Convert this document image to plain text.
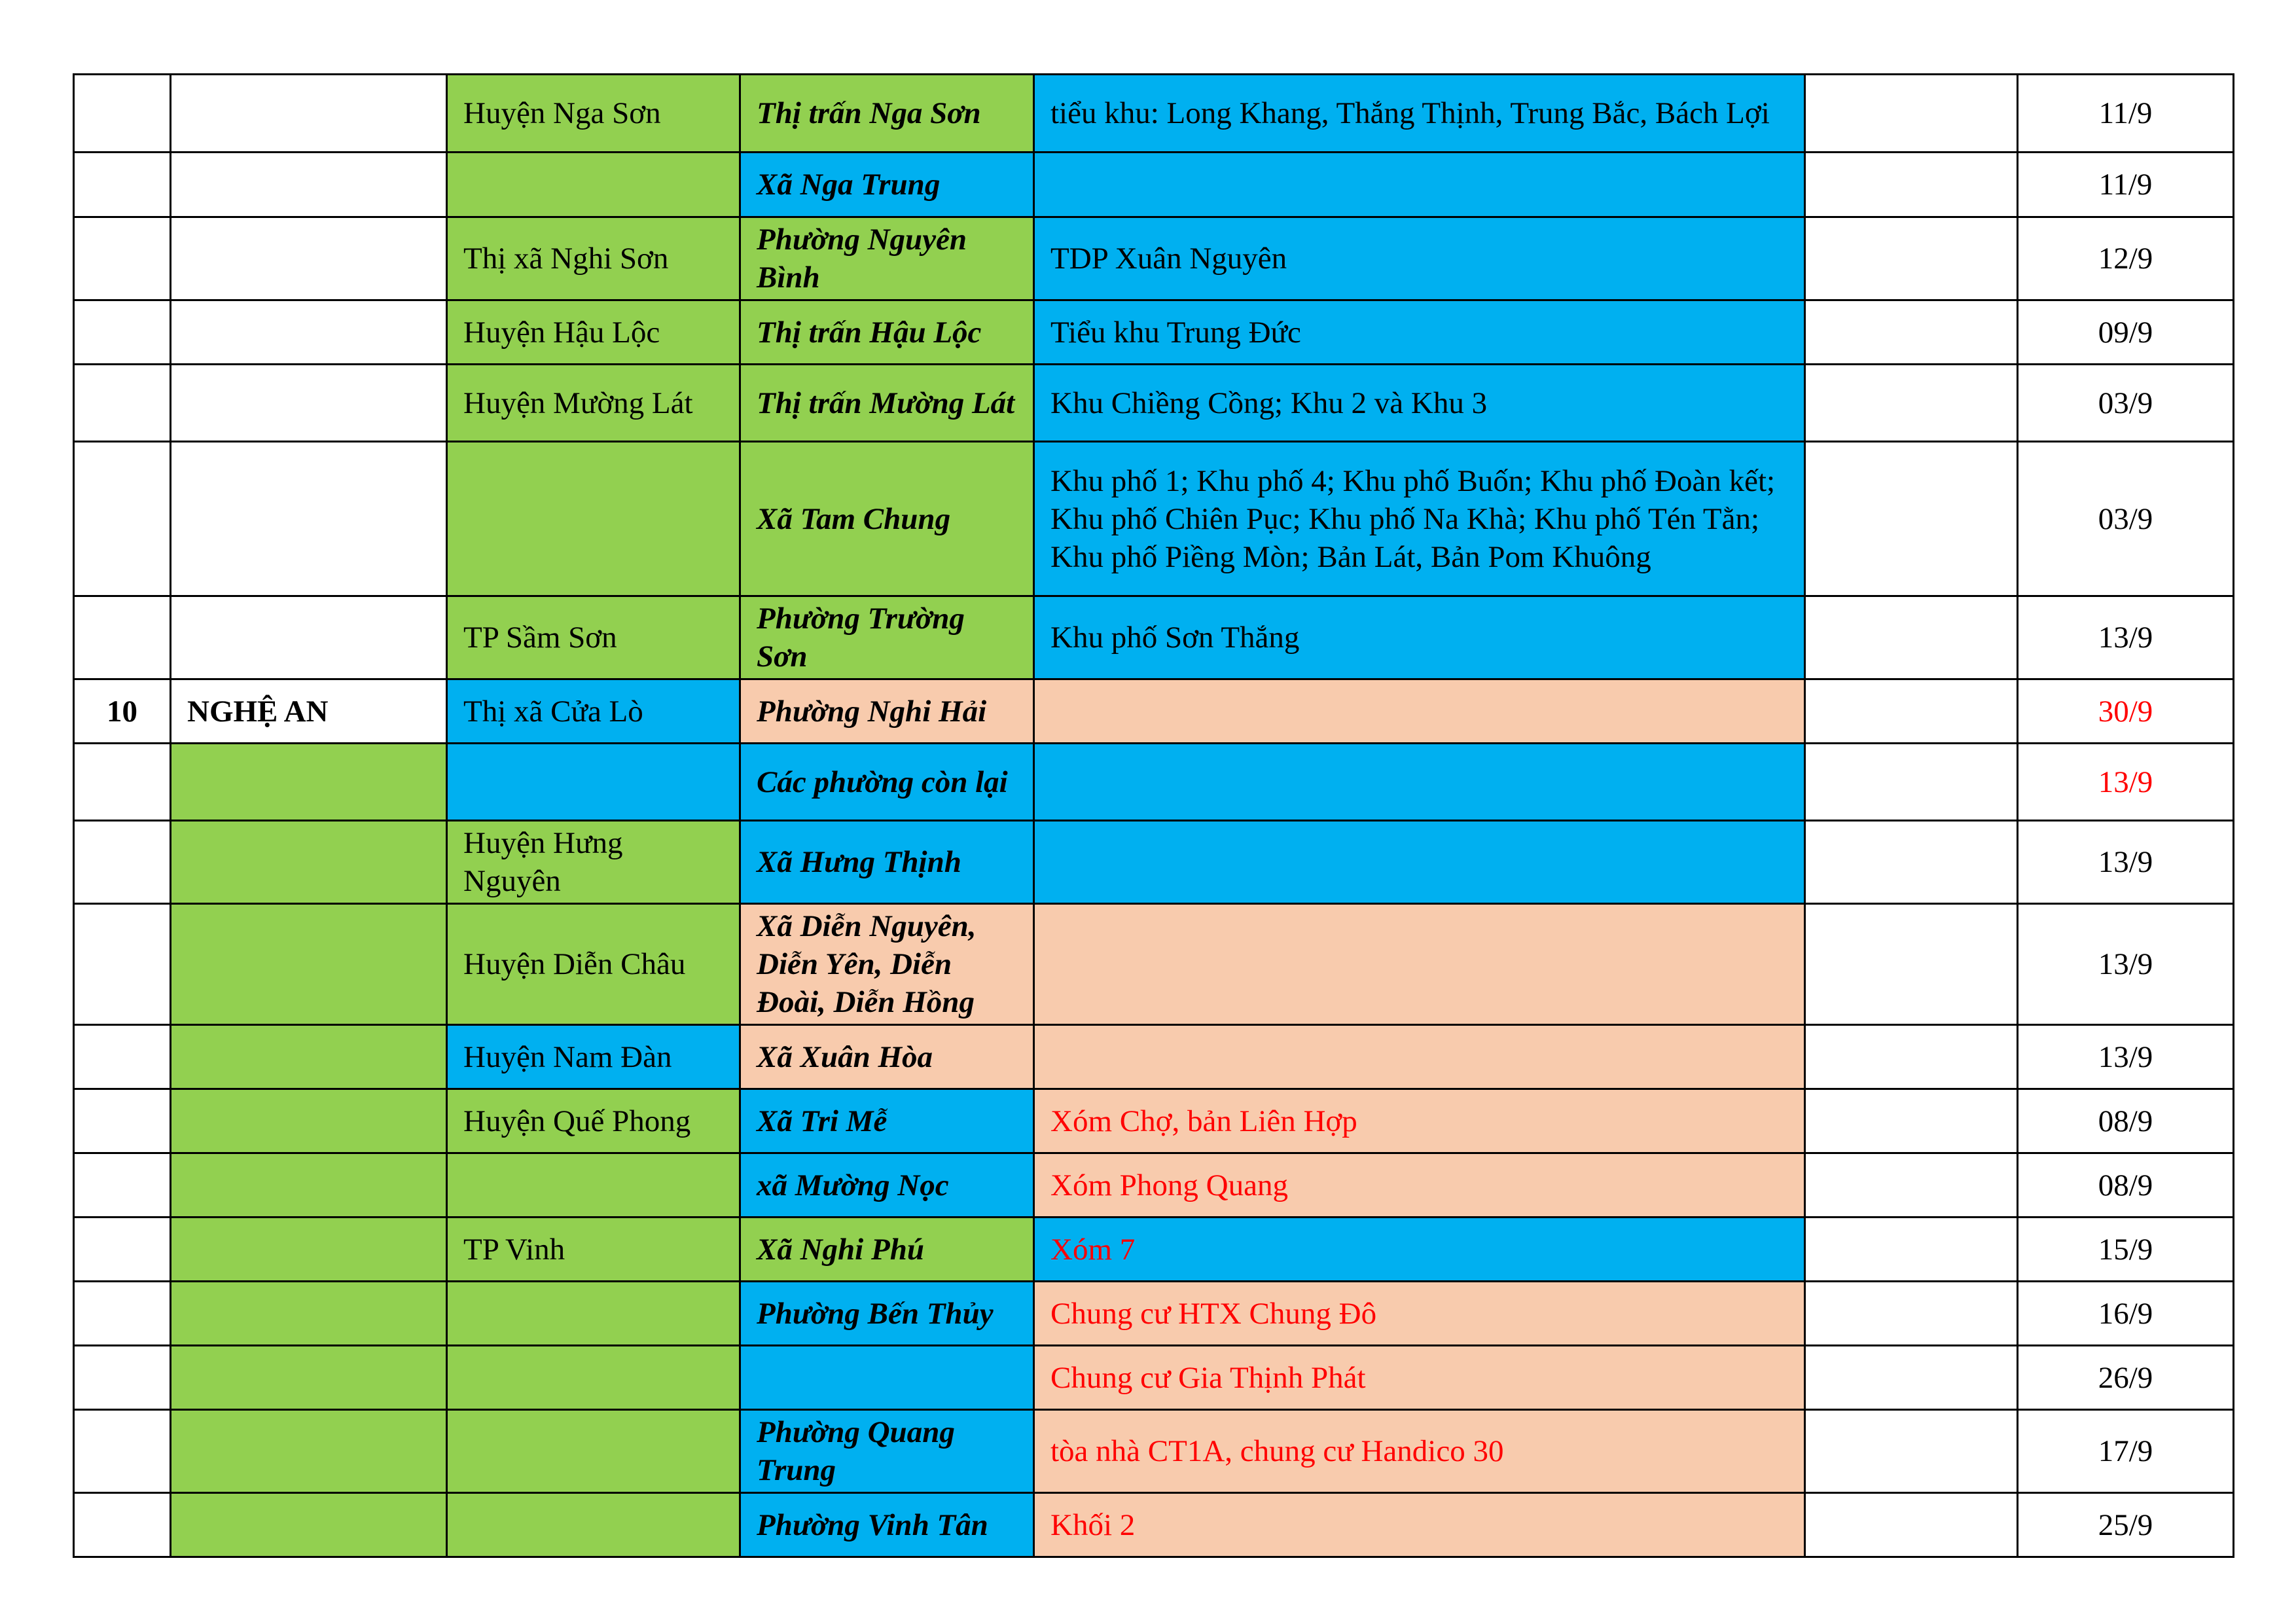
		Huyện Nga Sơn	Thị trấn Nga Sơn	tiểu khu: Long Khang, Thắng Thịnh, Trung Bắc, Bách Lợi		11/9
			Xã Nga Trung			11/9
		Thị xã Nghi Sơn	Phường Nguyên Bình	TDP Xuân Nguyên		12/9
		Huyện Hậu Lộc	Thị trấn Hậu Lộc	Tiểu khu Trung Đức		09/9
		Huyện Mường Lát	Thị trấn Mường Lát	Khu Chiềng Cồng; Khu 2 và Khu 3		03/9
			Xã Tam Chung	Khu phố 1; Khu phố 4; Khu phố Buốn; Khu phố Đoàn kết; Khu phố Chiên Pục; Khu phố Na Khà; Khu phố Tén Tằn; Khu phố Piềng Mòn; Bản Lát, Bản Pom Khuông		03/9
		TP Sầm Sơn	Phường Trường Sơn	Khu phố Sơn Thắng		13/9
10	NGHỆ AN	Thị xã Cửa Lò	Phường Nghi Hải			30/9
			Các phường còn lại			13/9
		Huyện Hưng Nguyên	Xã Hưng Thịnh			13/9
		Huyện Diễn Châu	Xã Diễn Nguyên, Diễn Yên, Diễn Đoài, Diễn Hồng			13/9
		Huyện Nam Đàn	Xã Xuân Hòa			13/9
		Huyện Quế Phong	Xã Tri Mễ	Xóm Chợ, bản Liên Hợp		08/9
			xã Mường Nọc	Xóm Phong Quang		08/9
		TP Vinh	Xã Nghi Phú	Xóm 7		15/9
			Phường Bến Thủy	Chung cư HTX Chung Đô		16/9
				Chung cư Gia Thịnh Phát		26/9
			Phường Quang Trung	tòa nhà CT1A, chung cư Handico 30		17/9
			Phường Vinh Tân	Khối 2		25/9
